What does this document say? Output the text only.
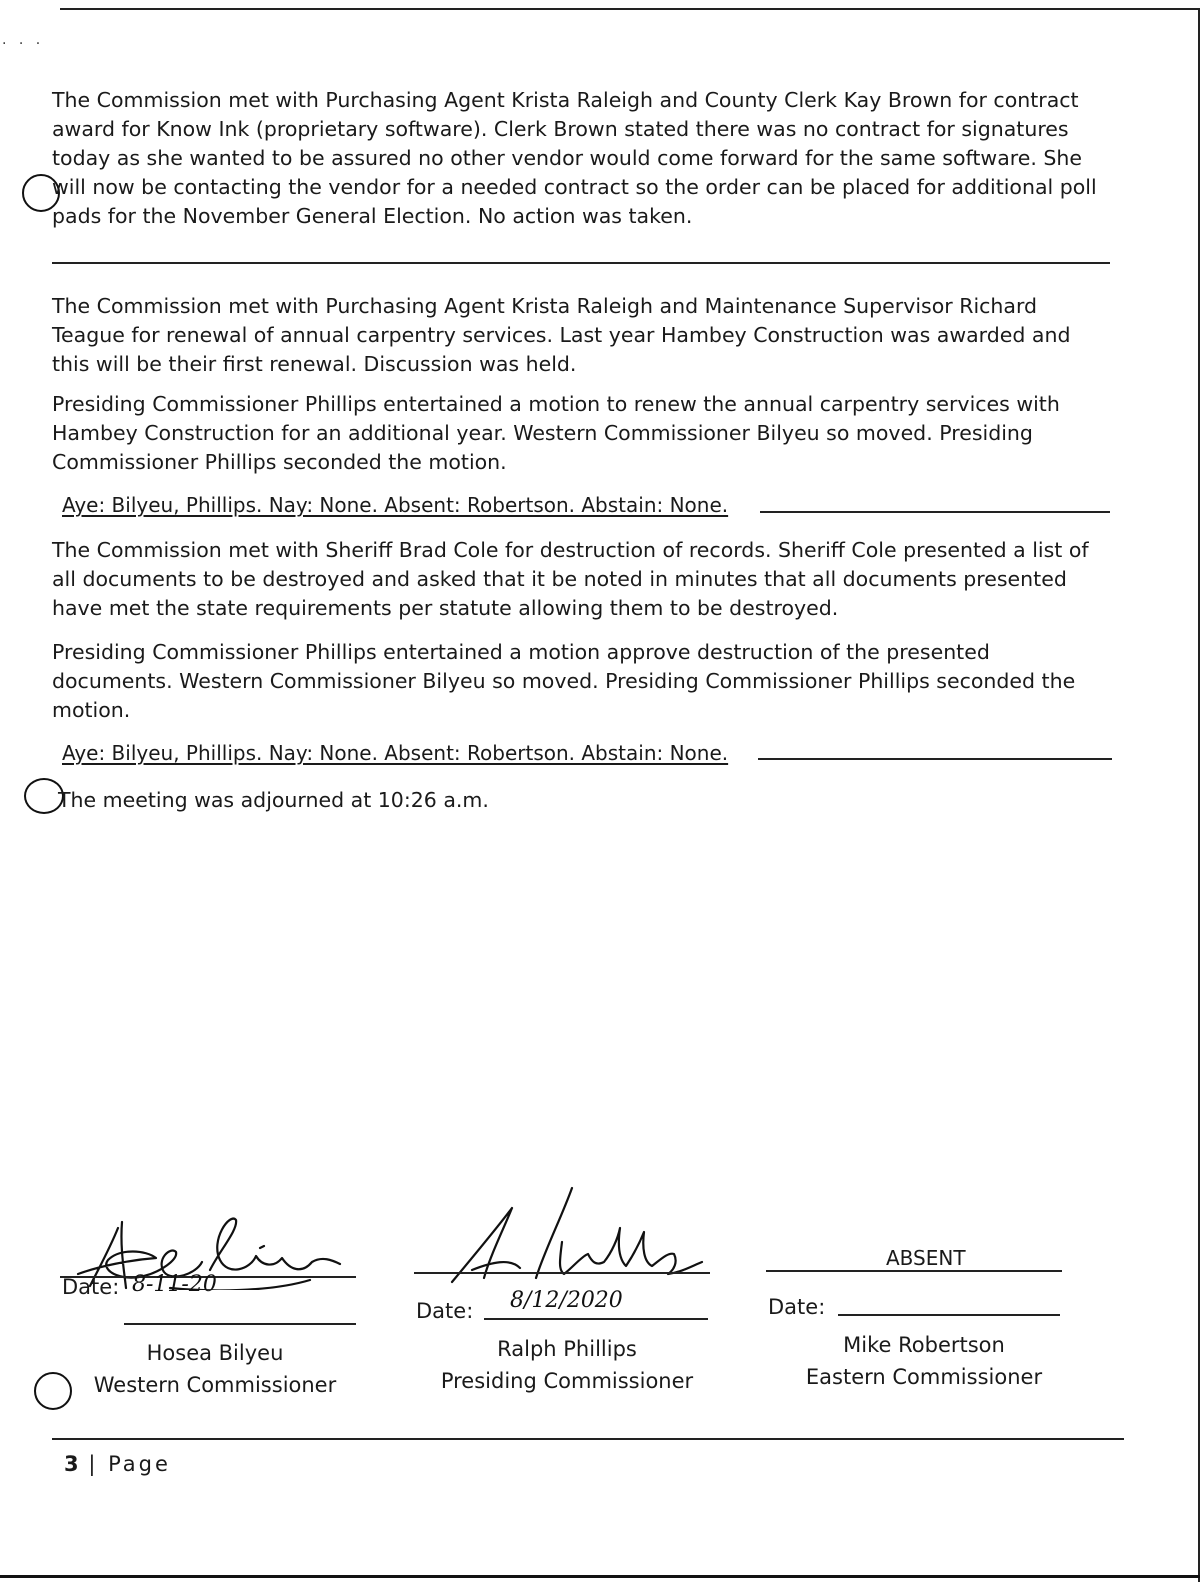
· · ·

The Commission met with Purchasing Agent Krista Raleigh and County Clerk Kay Brown for contract award for Know Ink (proprietary software). Clerk Brown stated there was no contract for signatures today as she wanted to be assured no other vendor would come forward for the same software. She will now be contacting the vendor for a needed contract so the order can be placed for additional poll pads for the November General Election. No action was taken.

The Commission met with Purchasing Agent Krista Raleigh and Maintenance Supervisor Richard Teague for renewal of annual carpentry services. Last year Hambey Construction was awarded and this will be their first renewal. Discussion was held.

Presiding Commissioner Phillips entertained a motion to renew the annual carpentry services with Hambey Construction for an additional year. Western Commissioner Bilyeu so moved. Presiding Commissioner Phillips seconded the motion.

Aye: Bilyeu, Phillips. Nay: None. Absent: Robertson. Abstain: None.

The Commission met with Sheriff Brad Cole for destruction of records. Sheriff Cole presented a list of all documents to be destroyed and asked that it be noted in minutes that all documents presented have met the state requirements per statute allowing them to be destroyed.

Presiding Commissioner Phillips entertained a motion approve destruction of the presented documents. Western Commissioner Bilyeu so moved. Presiding Commissioner Phillips seconded the motion.

Aye: Bilyeu, Phillips. Nay: None. Absent: Robertson. Abstain: None.

The meeting was adjourned at 10:26 a.m.

Date: 8-11-20
Hosea Bilyeu
Western Commissioner
Date: 8/12/2020
Ralph Phillips
Presiding Commissioner
ABSENT
Date:
Mike Robertson
Eastern Commissioner
3 | Page
